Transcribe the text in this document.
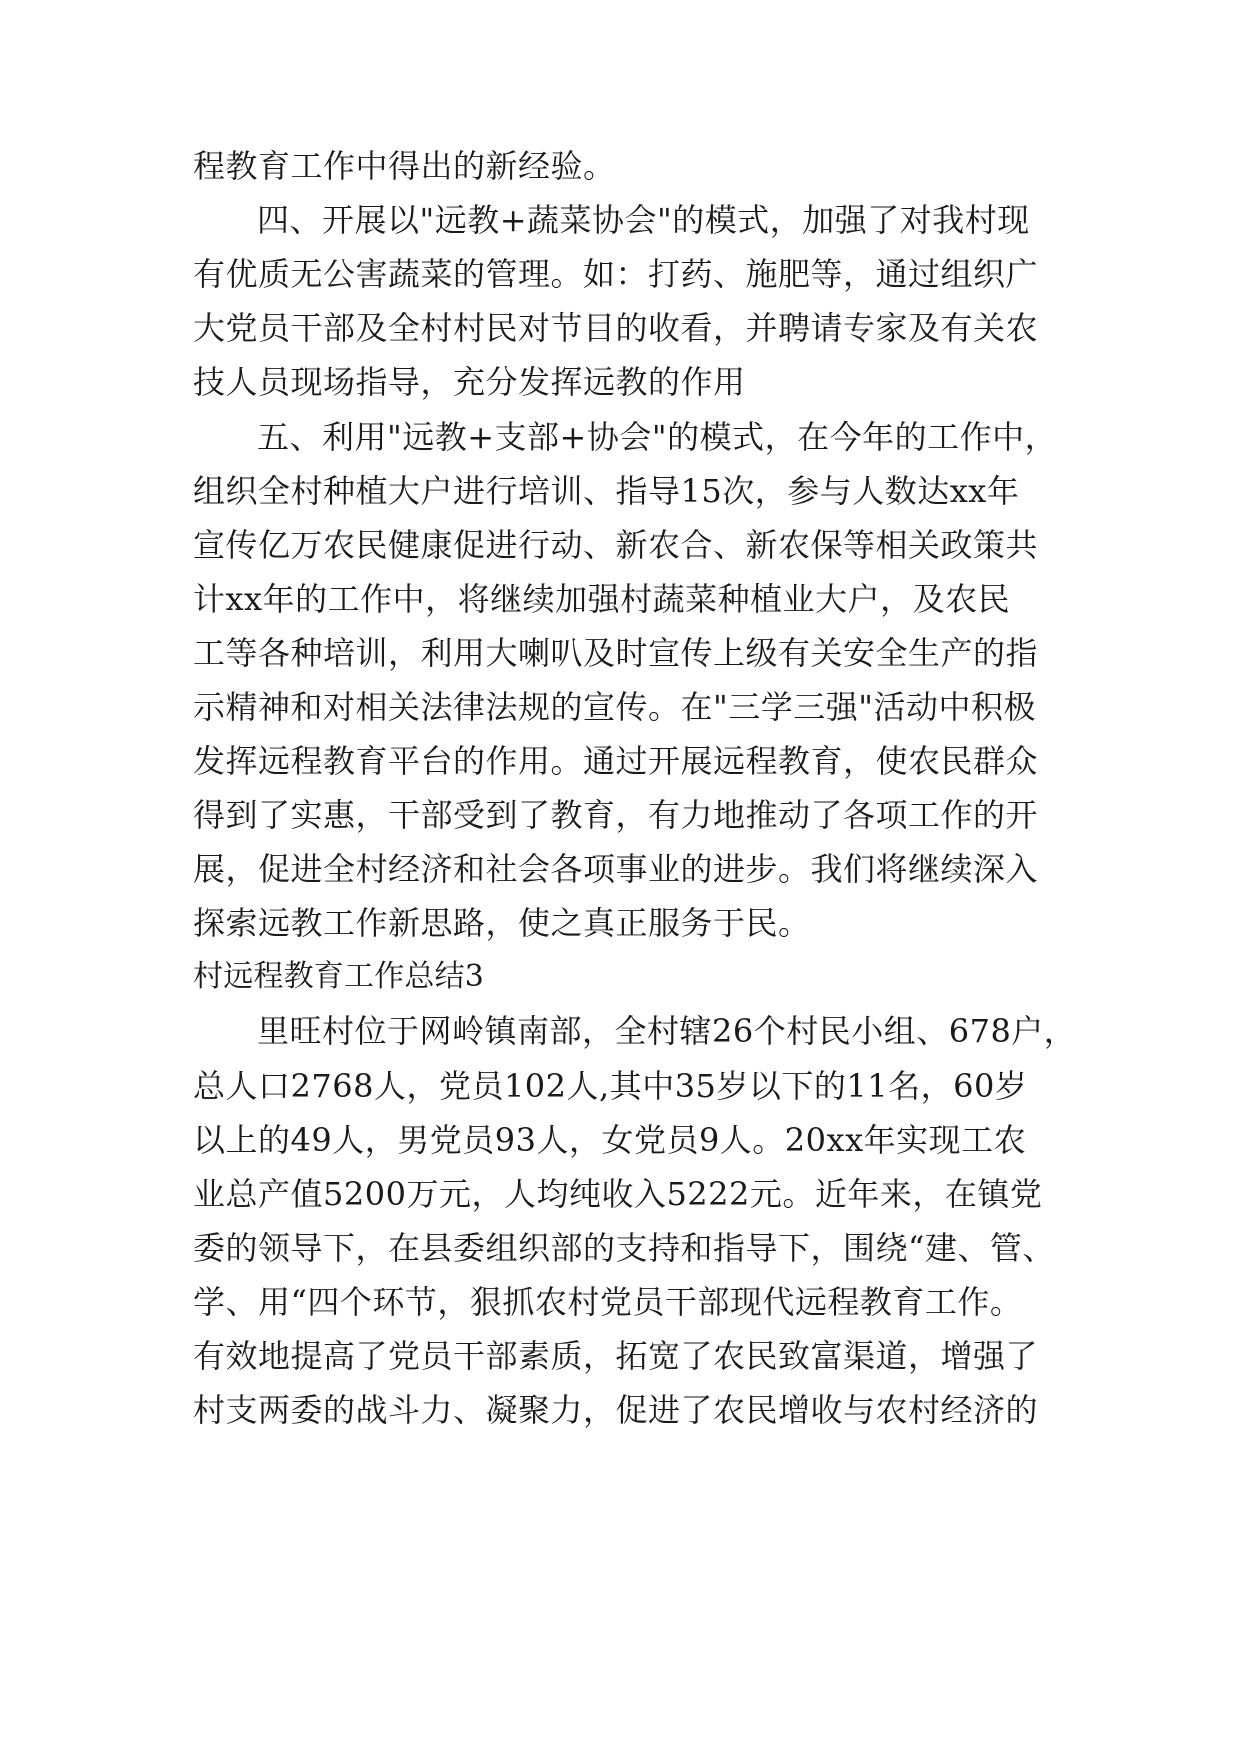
程教育工作中得出的新经验。
四、开展以"远教+蔬菜协会"的模式，加强了对我村现
有优质无公害蔬菜的管理。如：打药、施肥等，通过组织广
大党员干部及全村村民对节目的收看，并聘请专家及有关农
技人员现场指导，充分发挥远教的作用
五、利用"远教+支部+协会"的模式，在今年的工作中，
组织全村种植大户进行培训、指导15次，参与人数达xx年
宣传亿万农民健康促进行动、新农合、新农保等相关政策共
计xx年的工作中，将继续加强村蔬菜种植业大户，及农民
工等各种培训，利用大喇叭及时宣传上级有关安全生产的指
示精神和对相关法律法规的宣传。在"三学三强"活动中积极
发挥远程教育平台的作用。通过开展远程教育，使农民群众
得到了实惠，干部受到了教育，有力地推动了各项工作的开
展，促进全村经济和社会各项事业的进步。我们将继续深入
探索远教工作新思路，使之真正服务于民。
村远程教育工作总结3
里旺村位于网岭镇南部，全村辖26个村民小组、678户，
总人口2768人，党员102人,其中35岁以下的11名，60岁
以上的49人，男党员93人，女党员9人。20xx年实现工农
业总产值5200万元，人均纯收入5222元。近年来，在镇党
委的领导下，在县委组织部的支持和指导下，围绕“建、管、
学、用“四个环节，狠抓农村党员干部现代远程教育工作。
有效地提高了党员干部素质，拓宽了农民致富渠道，增强了
村支两委的战斗力、凝聚力，促进了农民增收与农村经济的
